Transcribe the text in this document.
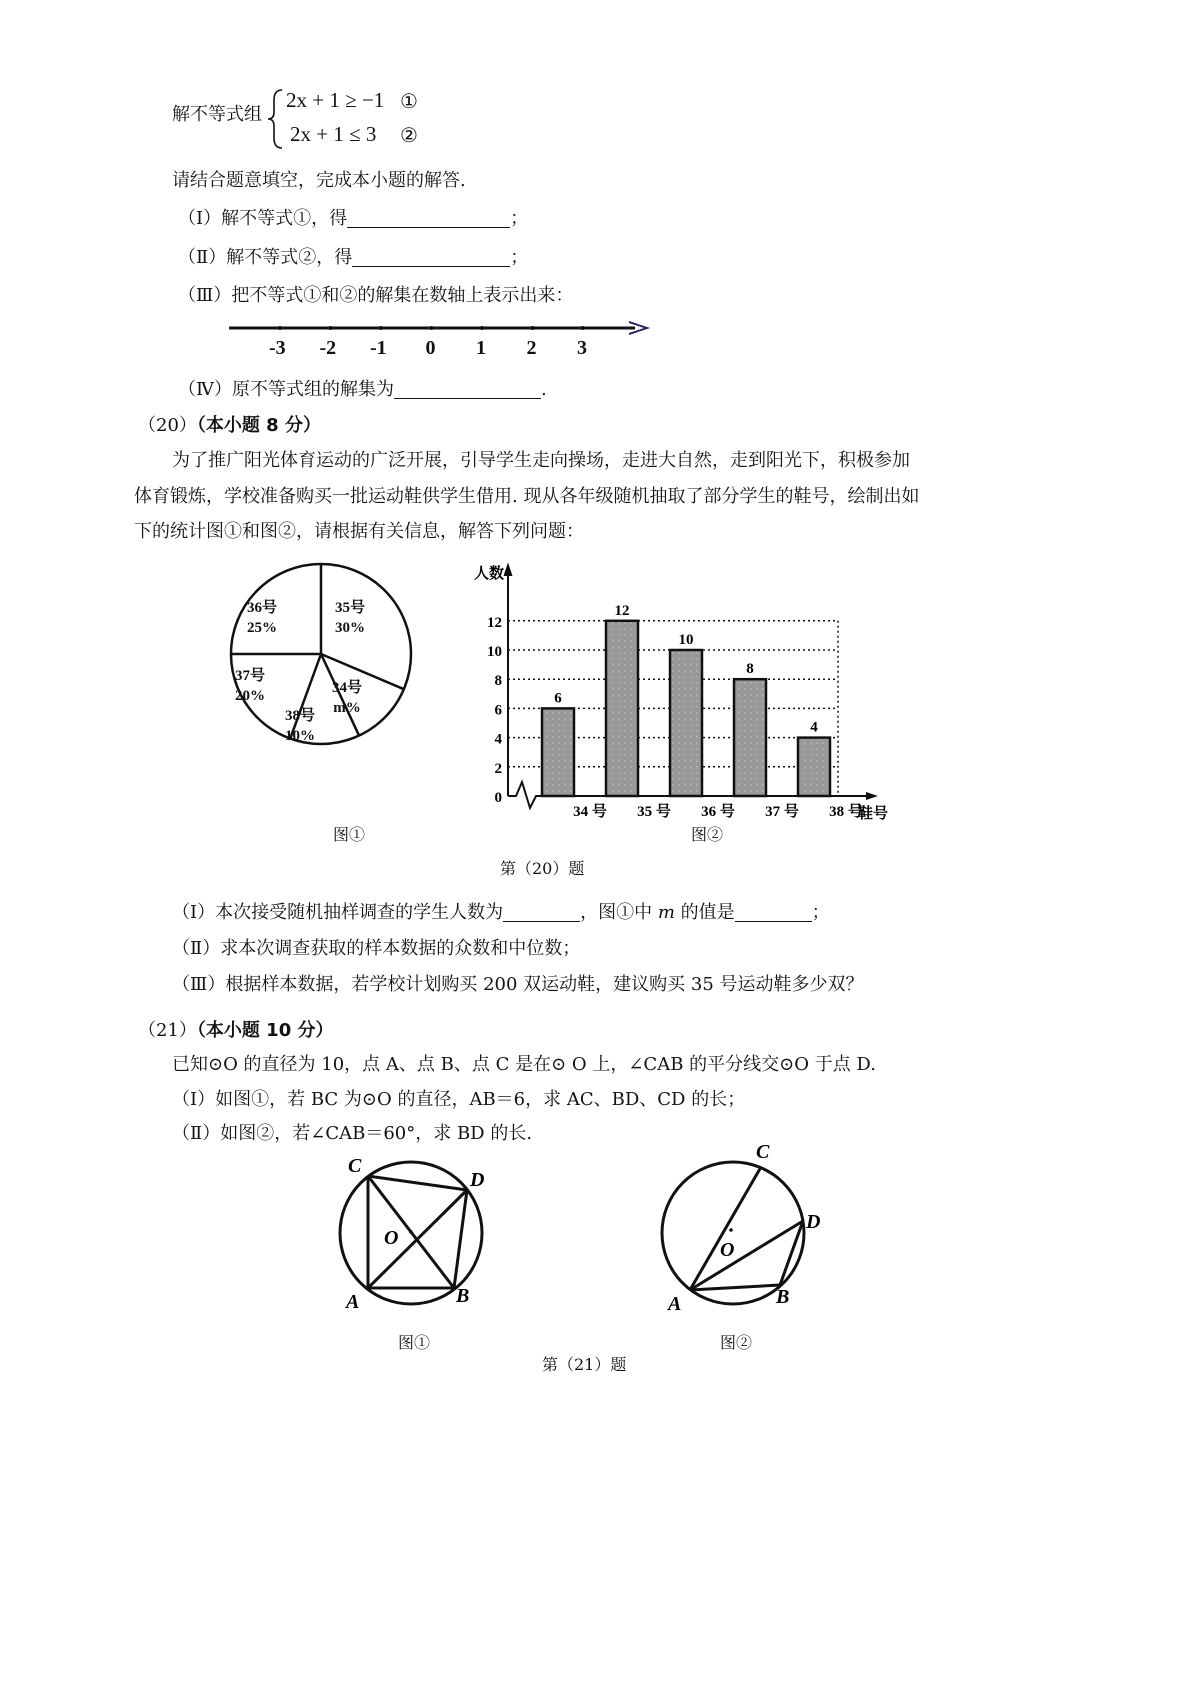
解不等式组
2x + 1 ≥ −1 ①
2x + 1 ≤ 3 ②
请结合题意填空，完成本小题的解答.
（Ⅰ）解不等式①，得	；
（Ⅱ）解不等式②，得	；
（Ⅲ）把不等式①和②的解集在数轴上表示出来：
-3 -2 -1 0 1 2 3
（Ⅳ）原不等式组的解集为	.
（20）（本小题 8 分）
为了推广阳光体育运动的广泛开展，引导学生走向操场，走进大自然，走到阳光下，积极参加
体育锻炼，学校准备购买一批运动鞋供学生借用. 现从各年级随机抽取了部分学生的鞋号，绘制出如
下的统计图①和图②，请根据有关信息，解答下列问题：
35号
30%
34号
m%
38号
10%
37号
20%
36号
25%
0
2
4
6
8
10
12
6
12
10
8
4
34 号 35 号 36 号 37 号 38 号
人数
鞋号
图①	图②
第（20）题
（Ⅰ）本次接受随机抽样调查的学生人数为	，图①中 m 的值是	；
（Ⅱ）求本次调查获取的样本数据的众数和中位数；
（Ⅲ）根据样本数据，若学校计划购买 200 双运动鞋，建议购买 35 号运动鞋多少双？
（21）（本小题 10 分）
已知⊙O 的直径为 10，点 A、点 B、点 C 是在⊙ O 上，∠CAB 的平分线交⊙O 于点 D.
（Ⅰ）如图①，若 BC 为⊙O 的直径，AB＝6，求 AC、BD、CD 的长；
（Ⅱ）如图②，若∠CAB＝60°，求 BD 的长.
C
D
O
A	B
C
D
O
A	B
图①	图②
第（21）题
